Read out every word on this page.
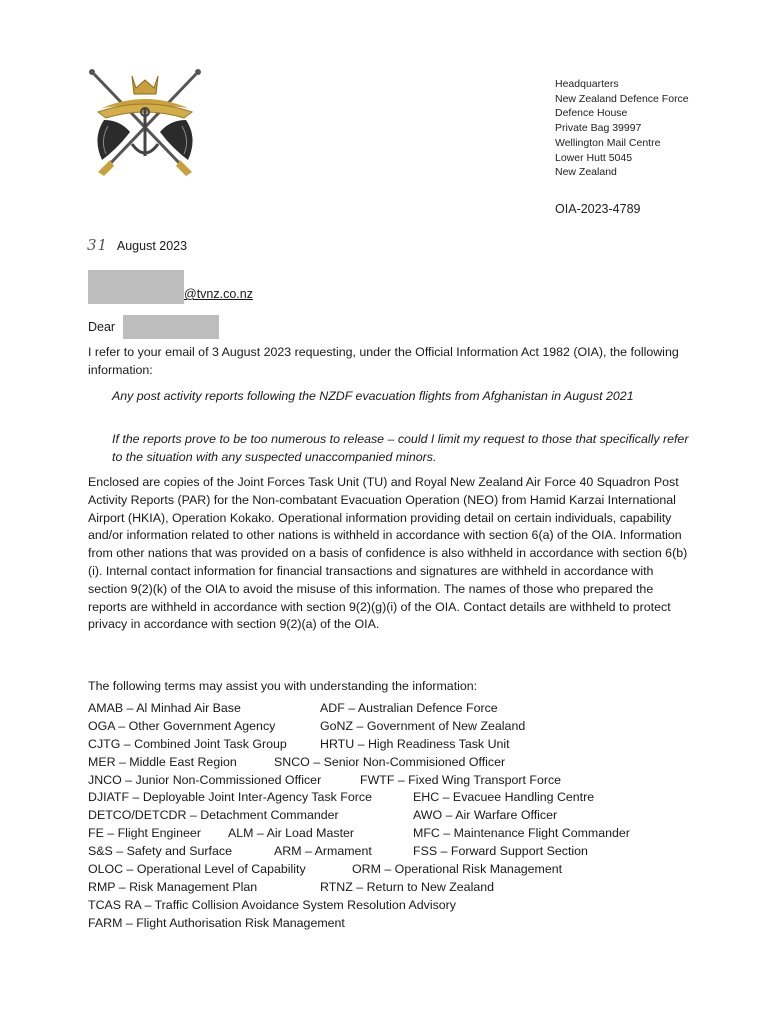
Headquarters
New Zealand Defence Force
Defence House
Private Bag 39997
Wellington Mail Centre
Lower Hutt 5045
New Zealand
OIA-2023-4789
31 August 2023
@tvnz.co.nz
Dear
I refer to your email of 3 August 2023 requesting, under the Official Information Act 1982 (OIA), the following information:
Any post activity reports following the NZDF evacuation flights from Afghanistan in August 2021
If the reports prove to be too numerous to release – could I limit my request to those that specifically refer to the situation with any suspected unaccompanied minors.
Enclosed are copies of the Joint Forces Task Unit (TU) and Royal New Zealand Air Force 40 Squadron Post Activity Reports (PAR) for the Non-combatant Evacuation Operation (NEO) from Hamid Karzai International Airport (HKIA), Operation Kokako. Operational information providing detail on certain individuals, capability and/or information related to other nations is withheld in accordance with section 6(a) of the OIA. Information from other nations that was provided on a basis of confidence is also withheld in accordance with section 6(b)(i). Internal contact information for financial transactions and signatures are withheld in accordance with section 9(2)(k) of the OIA to avoid the misuse of this information. The names of those who prepared the reports are withheld in accordance with section 9(2)(g)(i) of the OIA. Contact details are withheld to protect privacy in accordance with section 9(2)(a) of the OIA.
The following terms may assist you with understanding the information:
AMAB – Al Minhad Air Base	ADF – Australian Defence Force
OGA – Other Government Agency	GoNZ – Government of New Zealand
CJTG – Combined Joint Task Group	HRTU – High Readiness Task Unit
MER – Middle East Region	SNCO – Senior Non-Commisioned Officer
JNCO – Junior Non-Commissioned Officer	FWTF – Fixed Wing Transport Force
DJIATF – Deployable Joint Inter-Agency Task Force	EHC – Evacuee Handling Centre
DETCO/DETCDR – Detachment Commander	AWO – Air Warfare Officer
FE – Flight Engineer ALM – Air Load Master	MFC – Maintenance Flight Commander
S&S – Safety and Surface	ARM – Armament	FSS – Forward Support Section
OLOC – Operational Level of Capability	ORM – Operational Risk Management
RMP – Risk Management Plan	RTNZ – Return to New Zealand
TCAS RA – Traffic Collision Avoidance System Resolution Advisory
FARM – Flight Authorisation Risk Management
